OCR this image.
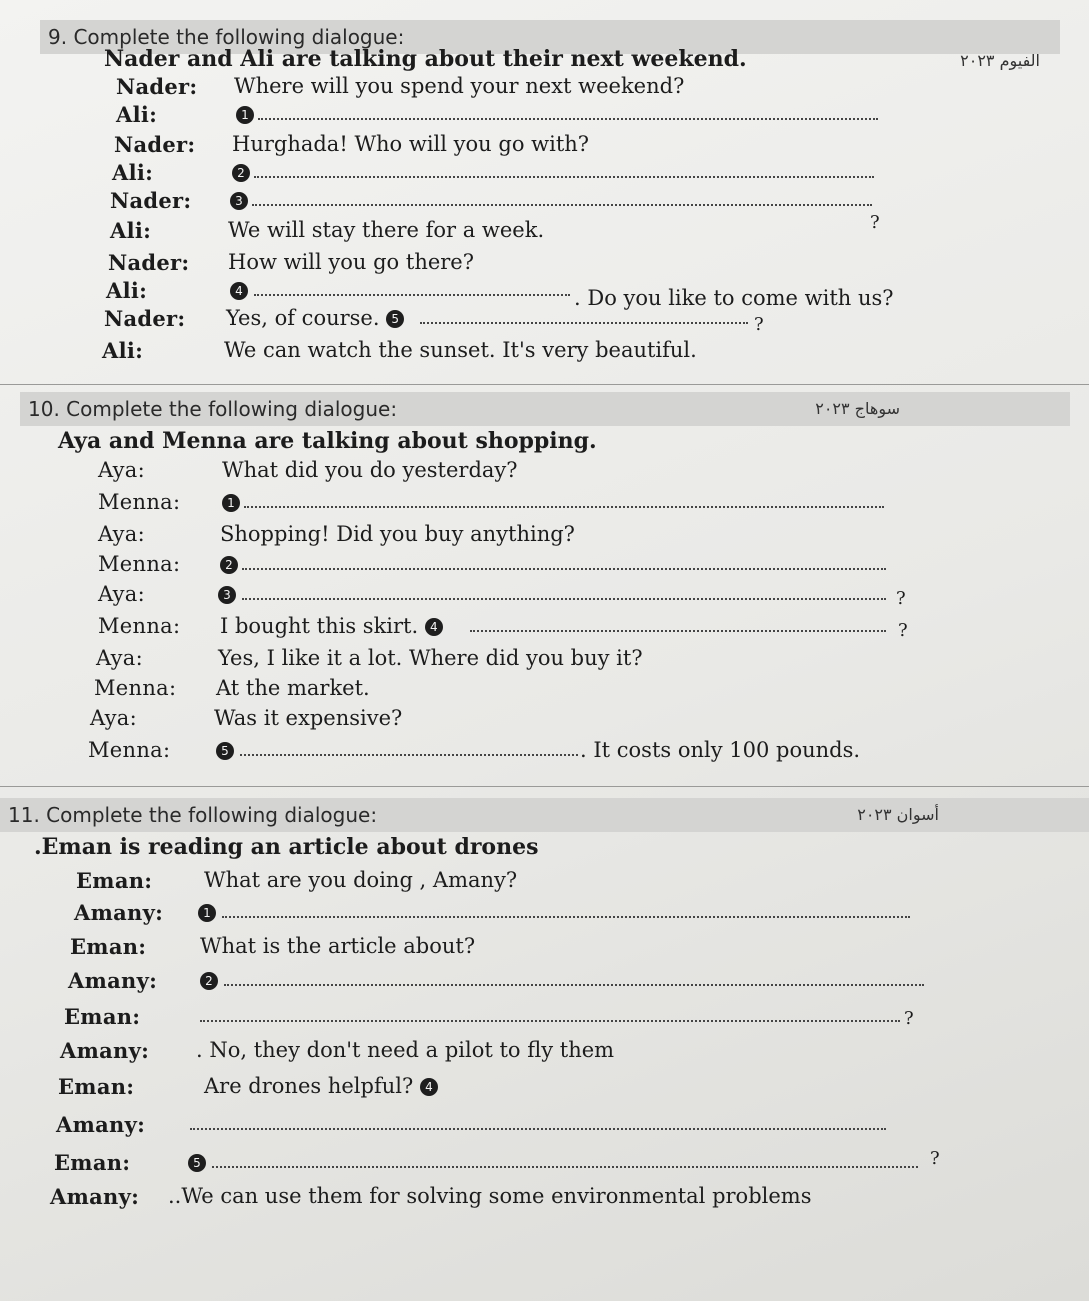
9. Complete the following dialogue:
الفيوم ٢٠٢٣
Nader and Ali are talking about their next weekend.
Nader: Where will you spend your next weekend?
Ali:	1
Nader: Hurghada! Who will you go with?
Ali:	2
Nader:	3
Ali:	We will stay there for a week.	?
Nader: How will you go there?
Ali:	4	. Do you like to come with us?
Nader: Yes, of course. 5	?
Ali:	We can watch the sunset. It's very beautiful.
10. Complete the following dialogue:	سوهاج ٢٠٢٣
Aya and Menna are talking about shopping.
Aya:	What did you do yesterday?
Menna:	1
Aya:	Shopping! Did you buy anything?
Menna:	2
Aya:	3	?
Menna: I bought this skirt. 4	?
Aya:	Yes, I like it a lot. Where did you buy it?
Menna: At the market.
Aya:	Was it expensive?
Menna:	5	. It costs only 100 pounds.
11. Complete the following dialogue:	أسوان ٢٠٢٣
.Eman is reading an article about drones
Eman: What are you doing , Amany?
Amany:	1
Eman:	What is the article about?
Amany:	2
Eman:	?
Amany: . No, they don't need a pilot to fly them
Eman:	Are drones helpful? 4
Amany:
Eman:	5	?
Amany: ..We can use them for solving some environmental problems
